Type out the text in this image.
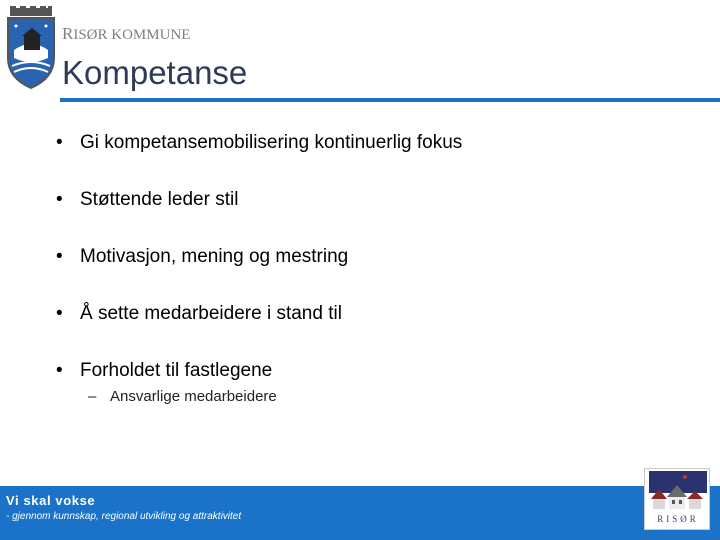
RISØR KOMMUNE
Kompetanse
• Gi kompetansemobilisering kontinuerlig fokus
• Støttende leder stil
• Motivasjon, mening og mestring
• Å sette medarbeidere i stand til
• Forholdet til fastlegene
– Ansvarlige medarbeidere
Vi skal vokse
- gjennom kunnskap, regional utvikling og attraktivitet	RISØR
